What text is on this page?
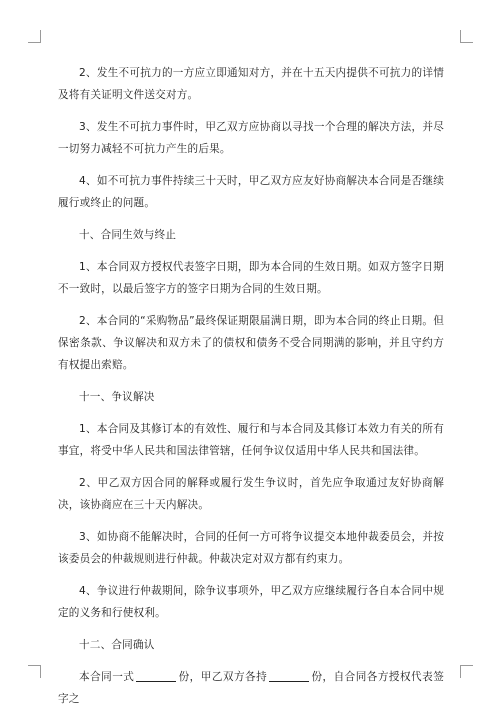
2、发生不可抗力的一方应立即通知对方，并在十五天内提供不可抗力的详情及将有关证明文件送交对方。

3、发生不可抗力事件时，甲乙双方应协商以寻找一个合理的解决方法，并尽一切努力减轻不可抗力产生的后果。

4、如不可抗力事件持续三十天时，甲乙双方应友好协商解决本合同是否继续履行或终止的问题。

十、合同生效与终止

1、本合同双方授权代表签字日期，即为本合同的生效日期。如双方签字日期不一致时，以最后签字方的签字日期为合同的生效日期。

2、本合同的“采购物品”最终保证期限届满日期，即为本合同的终止日期。但保密条款、争议解决和双方未了的债权和债务不受合同期满的影响，并且守约方有权提出索赔。

十一、争议解决

1、本合同及其修订本的有效性、履行和与本合同及其修订本效力有关的所有事宜，将受中华人民共和国法律管辖，任何争议仅适用中华人民共和国法律。

2、甲乙双方因合同的解释或履行发生争议时，首先应争取通过友好协商解决，该协商应在三十天内解决。

3、如协商不能解决时，合同的任何一方可将争议提交本地仲裁委员会，并按该委员会的仲裁规则进行仲裁。仲裁决定对双方都有约束力。

4、争议进行仲裁期间，除争议事项外，甲乙双方应继续履行各自本合同中规定的义务和行使权利。

十二、合同确认

本合同一式	份，甲乙双方各持	份，自合同各方授权代表签字之
